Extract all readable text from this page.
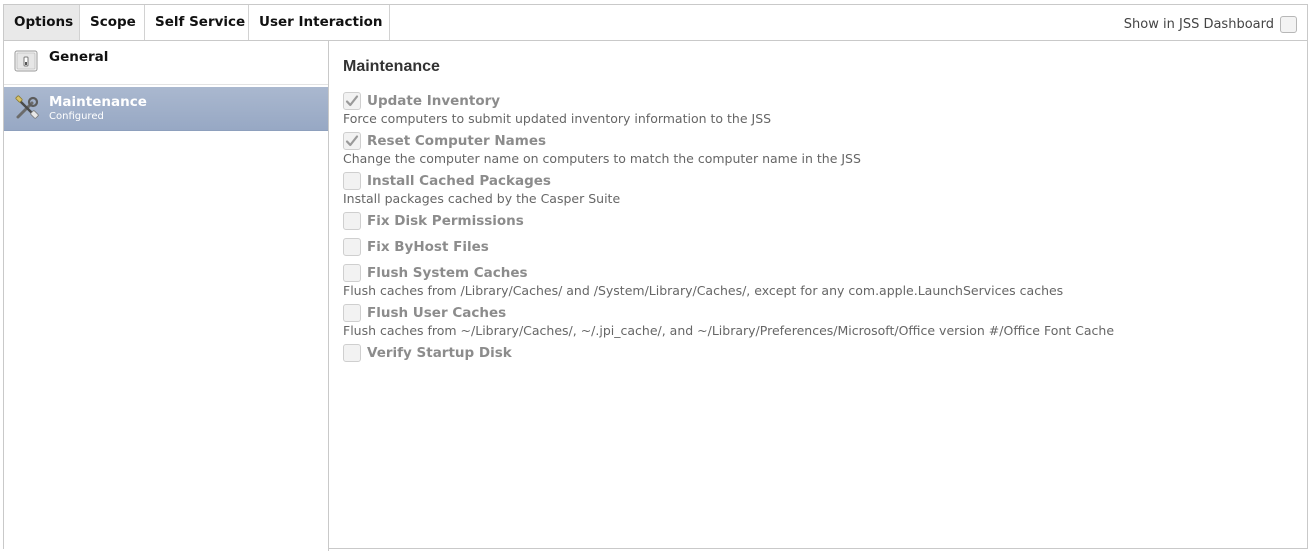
Options	Scope	Self Service	User Interaction	Show in JSS Dashboard
General
Maintenance
Configured
Maintenance
Update Inventory
Force computers to submit updated inventory information to the JSS
Reset Computer Names
Change the computer name on computers to match the computer name in the JSS
Install Cached Packages
Install packages cached by the Casper Suite
Fix Disk Permissions
Fix ByHost Files
Flush System Caches
Flush caches from /Library/Caches/ and /System/Library/Caches/, except for any com.apple.LaunchServices caches
Flush User Caches
Flush caches from ~/Library/Caches/, ~/.jpi_cache/, and ~/Library/Preferences/Microsoft/Office version #/Office Font Cache
Verify Startup Disk
